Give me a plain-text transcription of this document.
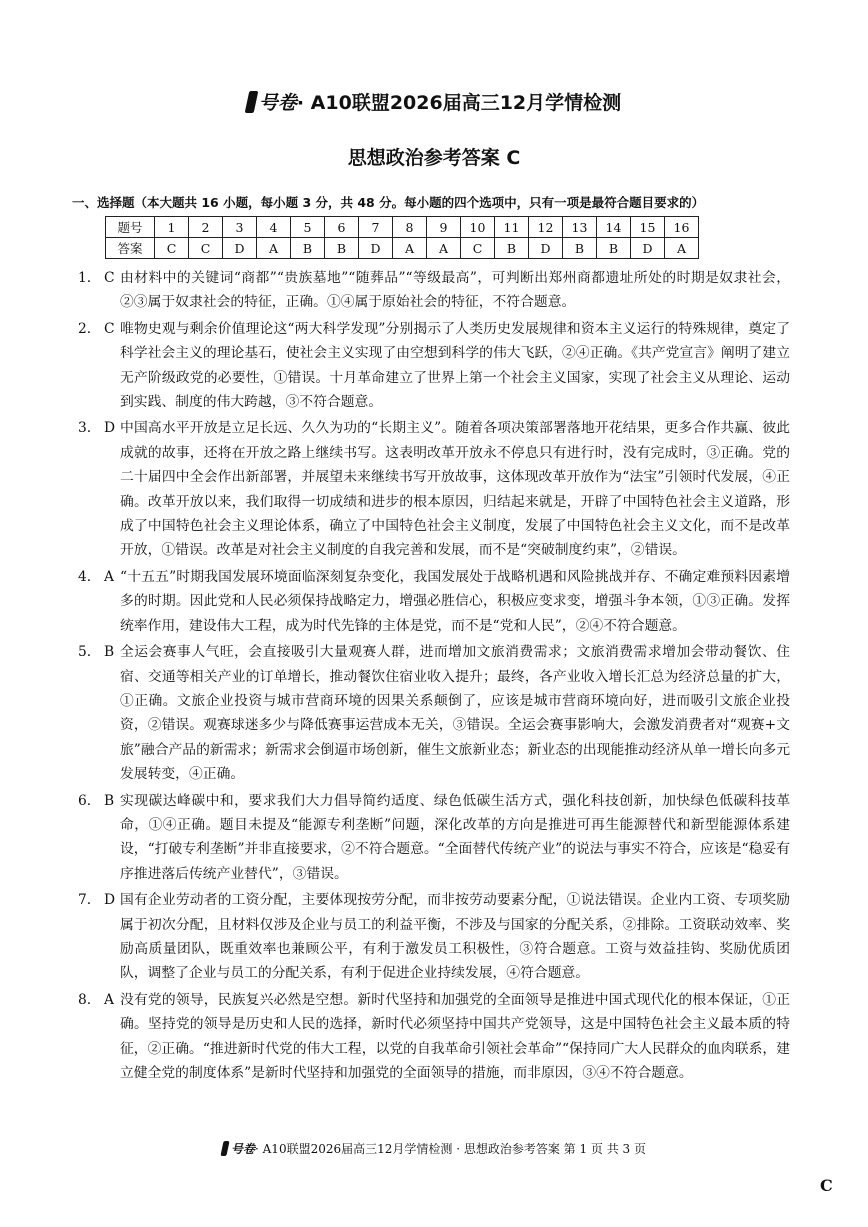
号卷· A10联盟2026届高三12月学情检测
思想政治参考答案 C
一、选择题（本大题共 16 小题，每小题 3 分，共 48 分。每小题的四个选项中，只有一项是最符合题目要求的）
题号	1	2	3	4	5	6	7	8	9	10	11	12	13	14	15	16
答案	C	C	D	A	B	B	D	A	A	C	B	D	B	B	D	A
1. C 由材料中的关键词“商都”“贵族墓地”“随葬品”“等级最高”，可判断出郑州商都遗址所处的时期是奴隶社会，②③属于奴隶社会的特征，正确。①④属于原始社会的特征，不符合题意。
2. C 唯物史观与剩余价值理论这“两大科学发现”分别揭示了人类历史发展规律和资本主义运行的特殊规律，奠定了科学社会主义的理论基石，使社会主义实现了由空想到科学的伟大飞跃，②④正确。《共产党宣言》阐明了建立无产阶级政党的必要性，①错误。十月革命建立了世界上第一个社会主义国家，实现了社会主义从理论、运动到实践、制度的伟大跨越，③不符合题意。
3. D 中国高水平开放是立足长远、久久为功的“长期主义”。随着各项决策部署落地开花结果，更多合作共赢、彼此成就的故事，还将在开放之路上继续书写。这表明改革开放永不停息只有进行时，没有完成时，③正确。党的二十届四中全会作出新部署，并展望未来继续书写开放故事，这体现改革开放作为“法宝”引领时代发展，④正确。改革开放以来，我们取得一切成绩和进步的根本原因，归结起来就是，开辟了中国特色社会主义道路，形成了中国特色社会主义理论体系，确立了中国特色社会主义制度，发展了中国特色社会主义文化，而不是改革开放，①错误。改革是对社会主义制度的自我完善和发展，而不是“突破制度约束”，②错误。
4. A “十五五”时期我国发展环境面临深刻复杂变化，我国发展处于战略机遇和风险挑战并存、不确定难预料因素增多的时期。因此党和人民必须保持战略定力，增强必胜信心，积极应变求变，增强斗争本领，①③正确。发挥统率作用，建设伟大工程，成为时代先锋的主体是党，而不是“党和人民”，②④不符合题意。
5. B 全运会赛事人气旺，会直接吸引大量观赛人群，进而增加文旅消费需求；文旅消费需求增加会带动餐饮、住宿、交通等相关产业的订单增长，推动餐饮住宿业收入提升；最终，各产业收入增长汇总为经济总量的扩大，①正确。文旅企业投资与城市营商环境的因果关系颠倒了，应该是城市营商环境向好，进而吸引文旅企业投资，②错误。观赛球迷多少与降低赛事运营成本无关，③错误。全运会赛事影响大，会激发消费者对“观赛+文旅”融合产品的新需求；新需求会倒逼市场创新，催生文旅新业态；新业态的出现能推动经济从单一增长向多元发展转变，④正确。
6. B 实现碳达峰碳中和，要求我们大力倡导简约适度、绿色低碳生活方式，强化科技创新，加快绿色低碳科技革命，①④正确。题目未提及“能源专利垄断”问题，深化改革的方向是推进可再生能源替代和新型能源体系建设，“打破专利垄断”并非直接要求，②不符合题意。“全面替代传统产业”的说法与事实不符合，应该是“稳妥有序推进落后传统产业替代”，③错误。
7. D 国有企业劳动者的工资分配，主要体现按劳分配，而非按劳动要素分配，①说法错误。企业内工资、专项奖励属于初次分配，且材料仅涉及企业与员工的利益平衡，不涉及与国家的分配关系，②排除。工资联动效率、奖励高质量团队，既重效率也兼顾公平，有利于激发员工积极性，③符合题意。工资与效益挂钩、奖励优质团队，调整了企业与员工的分配关系，有利于促进企业持续发展，④符合题意。
8. A 没有党的领导，民族复兴必然是空想。新时代坚持和加强党的全面领导是推进中国式现代化的根本保证，①正确。坚持党的领导是历史和人民的选择，新时代必须坚持中国共产党领导，这是中国特色社会主义最本质的特征，②正确。“推进新时代党的伟大工程，以党的自我革命引领社会革命”“保持同广大人民群众的血肉联系，建立健全党的制度体系”是新时代坚持和加强党的全面领导的措施，而非原因，③④不符合题意。
号卷· A10联盟2026届高三12月学情检测 · 思想政治参考答案 第 1 页 共 3 页
C
